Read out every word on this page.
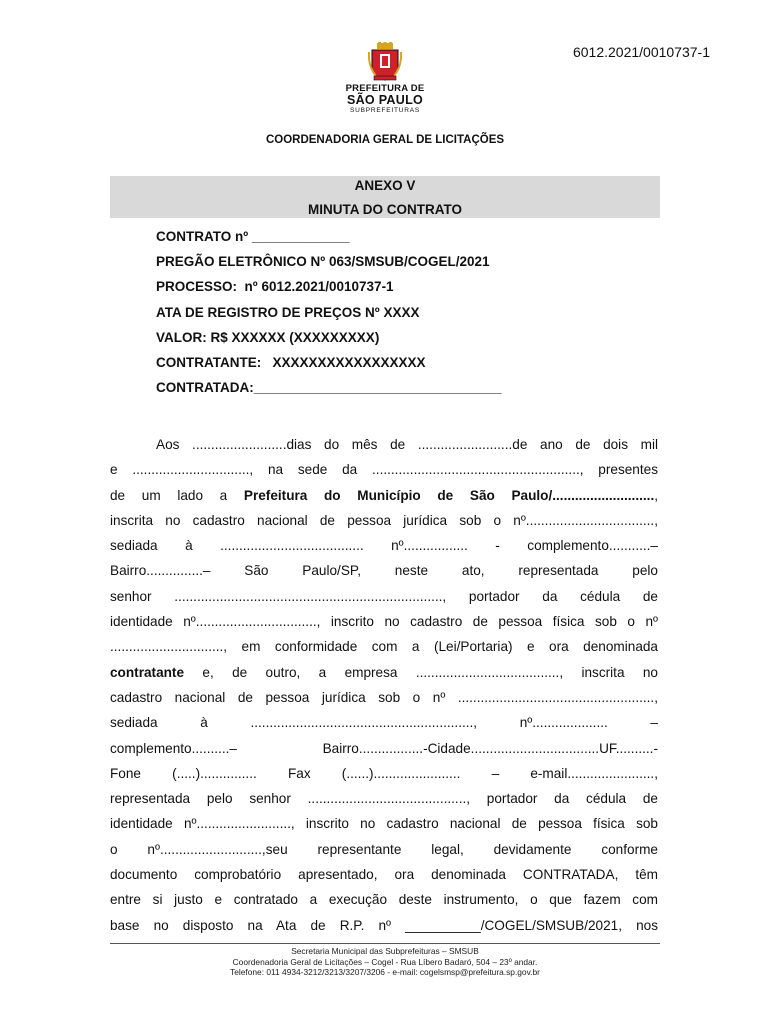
6012.2021/0010737-1
PREFEITURA DE
SÃO PAULO
SUBPREFEITURAS
COORDENADORIA GERAL DE LICITAÇÕES
ANEXO V
MINUTA DO CONTRATO
CONTRATO nº _____________
PREGÃO ELETRÔNICO Nº 063/SMSUB/COGEL/2021
PROCESSO:  nº 6012.2021/0010737-1
ATA DE REGISTRO DE PREÇOS Nº XXXX
VALOR: R$ XXXXXX (XXXXXXXXX)
CONTRATANTE:   XXXXXXXXXXXXXXXXX
CONTRATADA:_________________________________

Aos .........................dias do mês de .........................de ano de dois mil

e ..............................., na sede da ......................................................., presentes

de um lado a Prefeitura do Município de São Paulo/...........................,

inscrita no cadastro nacional de pessoa jurídica sob o nº..................................,

sediada à ...................................... nº................. - complemento...........–

Bairro...............– São Paulo/SP, neste ato, representada pelo

senhor ......................................................................., portador da cédula de

identidade nº................................, inscrito no cadastro de pessoa física sob o nº

.............................., em conformidade com a (Lei/Portaria) e ora denominada

contratante e, de outro, a empresa ......................................, inscrita no

cadastro nacional de pessoa jurídica sob o nº ....................................................,

sediada à ..........................................................., nº.................... –

complemento..........– Bairro.................-Cidade..................................UF..........-

Fone (.....)............... Fax (......)....................... – e-mail.......................,

representada pelo senhor .........................................., portador da cédula de

identidade nº........................., inscrito no cadastro nacional de pessoa física sob

o nº...........................,seu representante legal, devidamente conforme

documento comprobatório apresentado, ora denominada CONTRATADA, têm

entre si justo e contratado a execução deste instrumento, o que fazem com

base no disposto na Ata de R.P. nº __________/COGEL/SMSUB/2021, nos

Secretaria Municipal das Subprefeituras – SMSUB
Coordenadoria Geral de Licitações – Cogel - Rua Líbero Badaró, 504 – 23º andar.
Telefone: 011 4934-3212/3213/3207/3206 - e-mail: cogelsmsp@prefeitura.sp.gov.br
